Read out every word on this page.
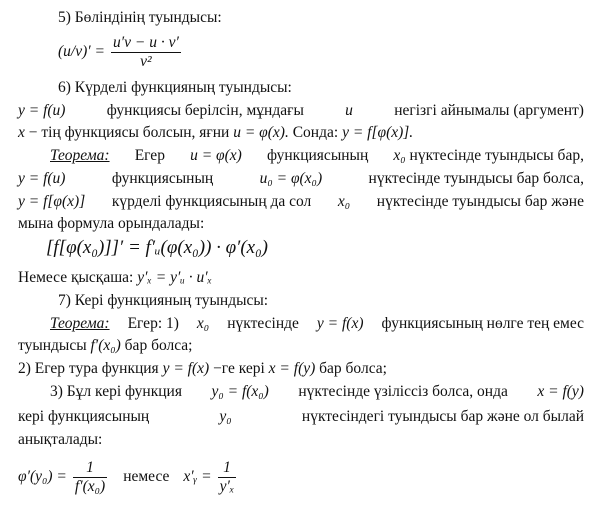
5) Бөліндінің туындысы:
$(u/v)' = \frac{u'v - u \cdot v'}{\text{v²}}$
6) Күрделі функцияның туындысы:
y = f(u)	функциясы берілсін, мұндағы	u	негізгі айнымалы (аргумент)
x − тің функциясы болсын, яғни u = φ(x). Сонда: y = f[φ(x)].
Теорема: Егер u = φ(x) функциясының x₀ нүктесінде туындысы бар,
y = f(u)	функциясының	u₀ = φ(x₀)	нүктесінде туындысы бар болса,
y = f[φ(x)] күрделі функциясының да сол x₀ нүктесінде туындысы бар және
мына формула орындалады:
[f[φ(x₀)]]′ = f′ᵤ(φ(x₀)) · φ′(x₀)
Немесе қысқаша: y′ₓ = y′ᵤ · u′ₓ
7) Кері функцияның туындысы:
Теорема: Егер: 1) x₀ нүктесінде y = f(x) функциясының нөлге тең емес
туындысы f′(x₀) бар болса;
2) Егер тура функция y = f(x) −ге кері x = f(y) бар болса;
3) Бұл кері функция y₀ = f(x₀) нүктесінде үзіліссіз болса, онда x = f(y)
кері функциясының	y₀	нүктесіндегі туындысы бар және ол былай
анықталады:
$\varphi'(y_0) = \frac{1}{\text{f′(x₀)}}$ немесе x′ᵧ = $\frac{1}{\text{y′ₓ}}$
